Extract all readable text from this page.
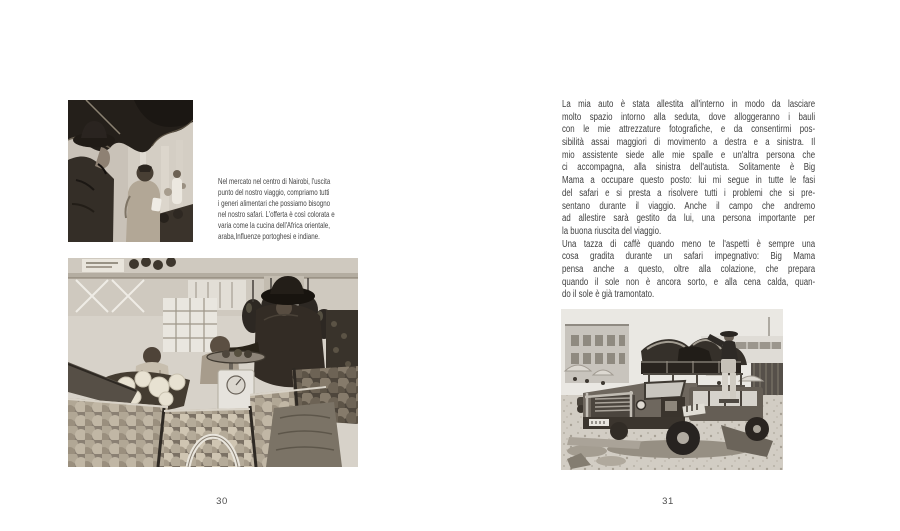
Nel mercato nel centro di Nairobi, l'uscita
punto del nostro viaggio, compriamo tutti
i generi alimentari che possiamo bisogno
nel nostro safari. L'offerta è così colorata e
varia come la cucina dell'Africa orientale,
araba,Influenze portoghesi e indiane.
30
La mia auto è stata allestita all'interno in modo da lasciare
molto spazio intorno alla seduta, dove alloggeranno i bauli
con le mie attrezzature fotografiche, e da consentirmi pos-
sibilità assai maggiori di movimento a destra e a sinistra. Il
mio assistente siede alle mie spalle e un'altra persona che
ci accompagna, alla sinistra dell'autista. Solitamente è Big
Mama a occupare questo posto: lui mi segue in tutte le fasi
del safari e si presta a risolvere tutti i problemi che si pre-
sentano durante il viaggio. Anche il campo che andremo
ad allestire sarà gestito da lui, una persona importante per
la buona riuscita del viaggio.
Una tazza di caffè quando meno te l'aspetti è sempre una
cosa gradita durante un safari impegnativo: Big Mama
pensa anche a questo, oltre alla colazione, che prepara
quando il sole non è ancora sorto, e alla cena calda, quan-
do il sole è già tramontato.
31
